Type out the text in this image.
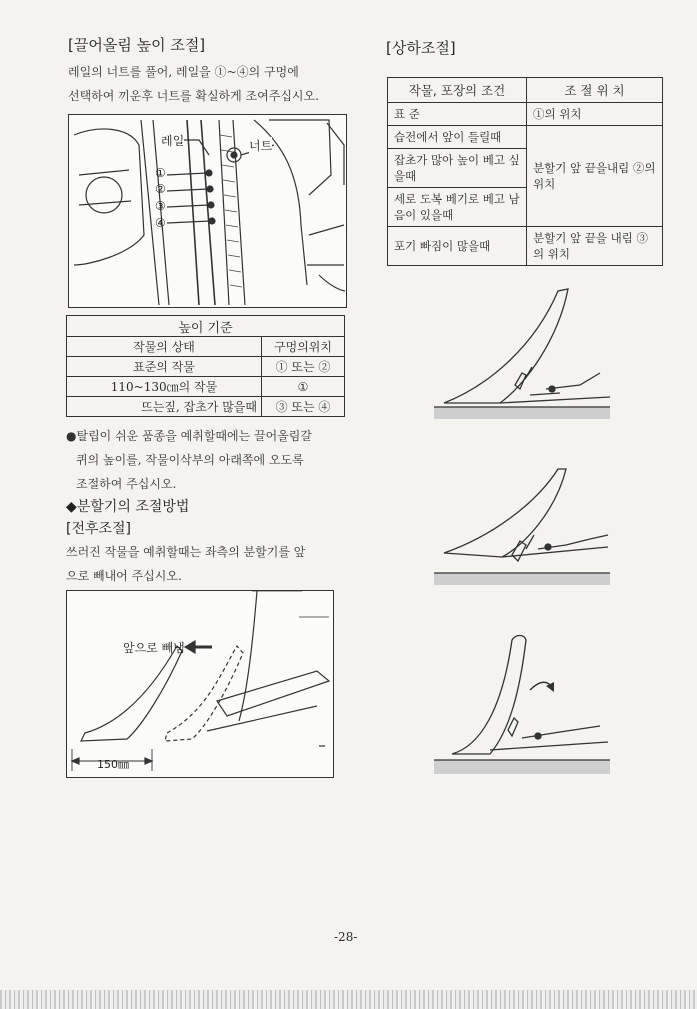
[끌어올림 높이 조절]
레일의 너트를 풀어, 레일을 ①~④의 구멍에
선택하여 끼운후 너트를 확실하게 조여주십시오.
레일	너트
①
②
③
④
높이 기준	
작물의 상태	구멍의위치
표준의 작물	① 또는 ②
110~130㎝의 작물	①
뜨는짚, 잡초가 많을때	③ 또는 ④
●탈립이 쉬운 품종을 예취할때에는 끌어올림갈
퀴의 높이를, 작물이삭부의 아래쪽에 오도록
조절하여 주십시오.
◆분할기의 조절방법
[전후조절]
쓰러진 작물을 예취할때는 좌측의 분할기를 앞
으로 빼내어 주십시오.
앞으로 빼냄
150㎜
[상하조절]
작물, 포장의 조건	조 절 위 치
표 준	①의 위치
습전에서 앞이 들릴때	분할기 앞 끝을내림 ②의 위치
잡초가 많아 높이 베고 싶을때	
세로 도복 베기로 베고 남음이 있을때	
포기 빠짐이 많을때	분할기 앞 끝을 내림 ③의 위치
-28-
